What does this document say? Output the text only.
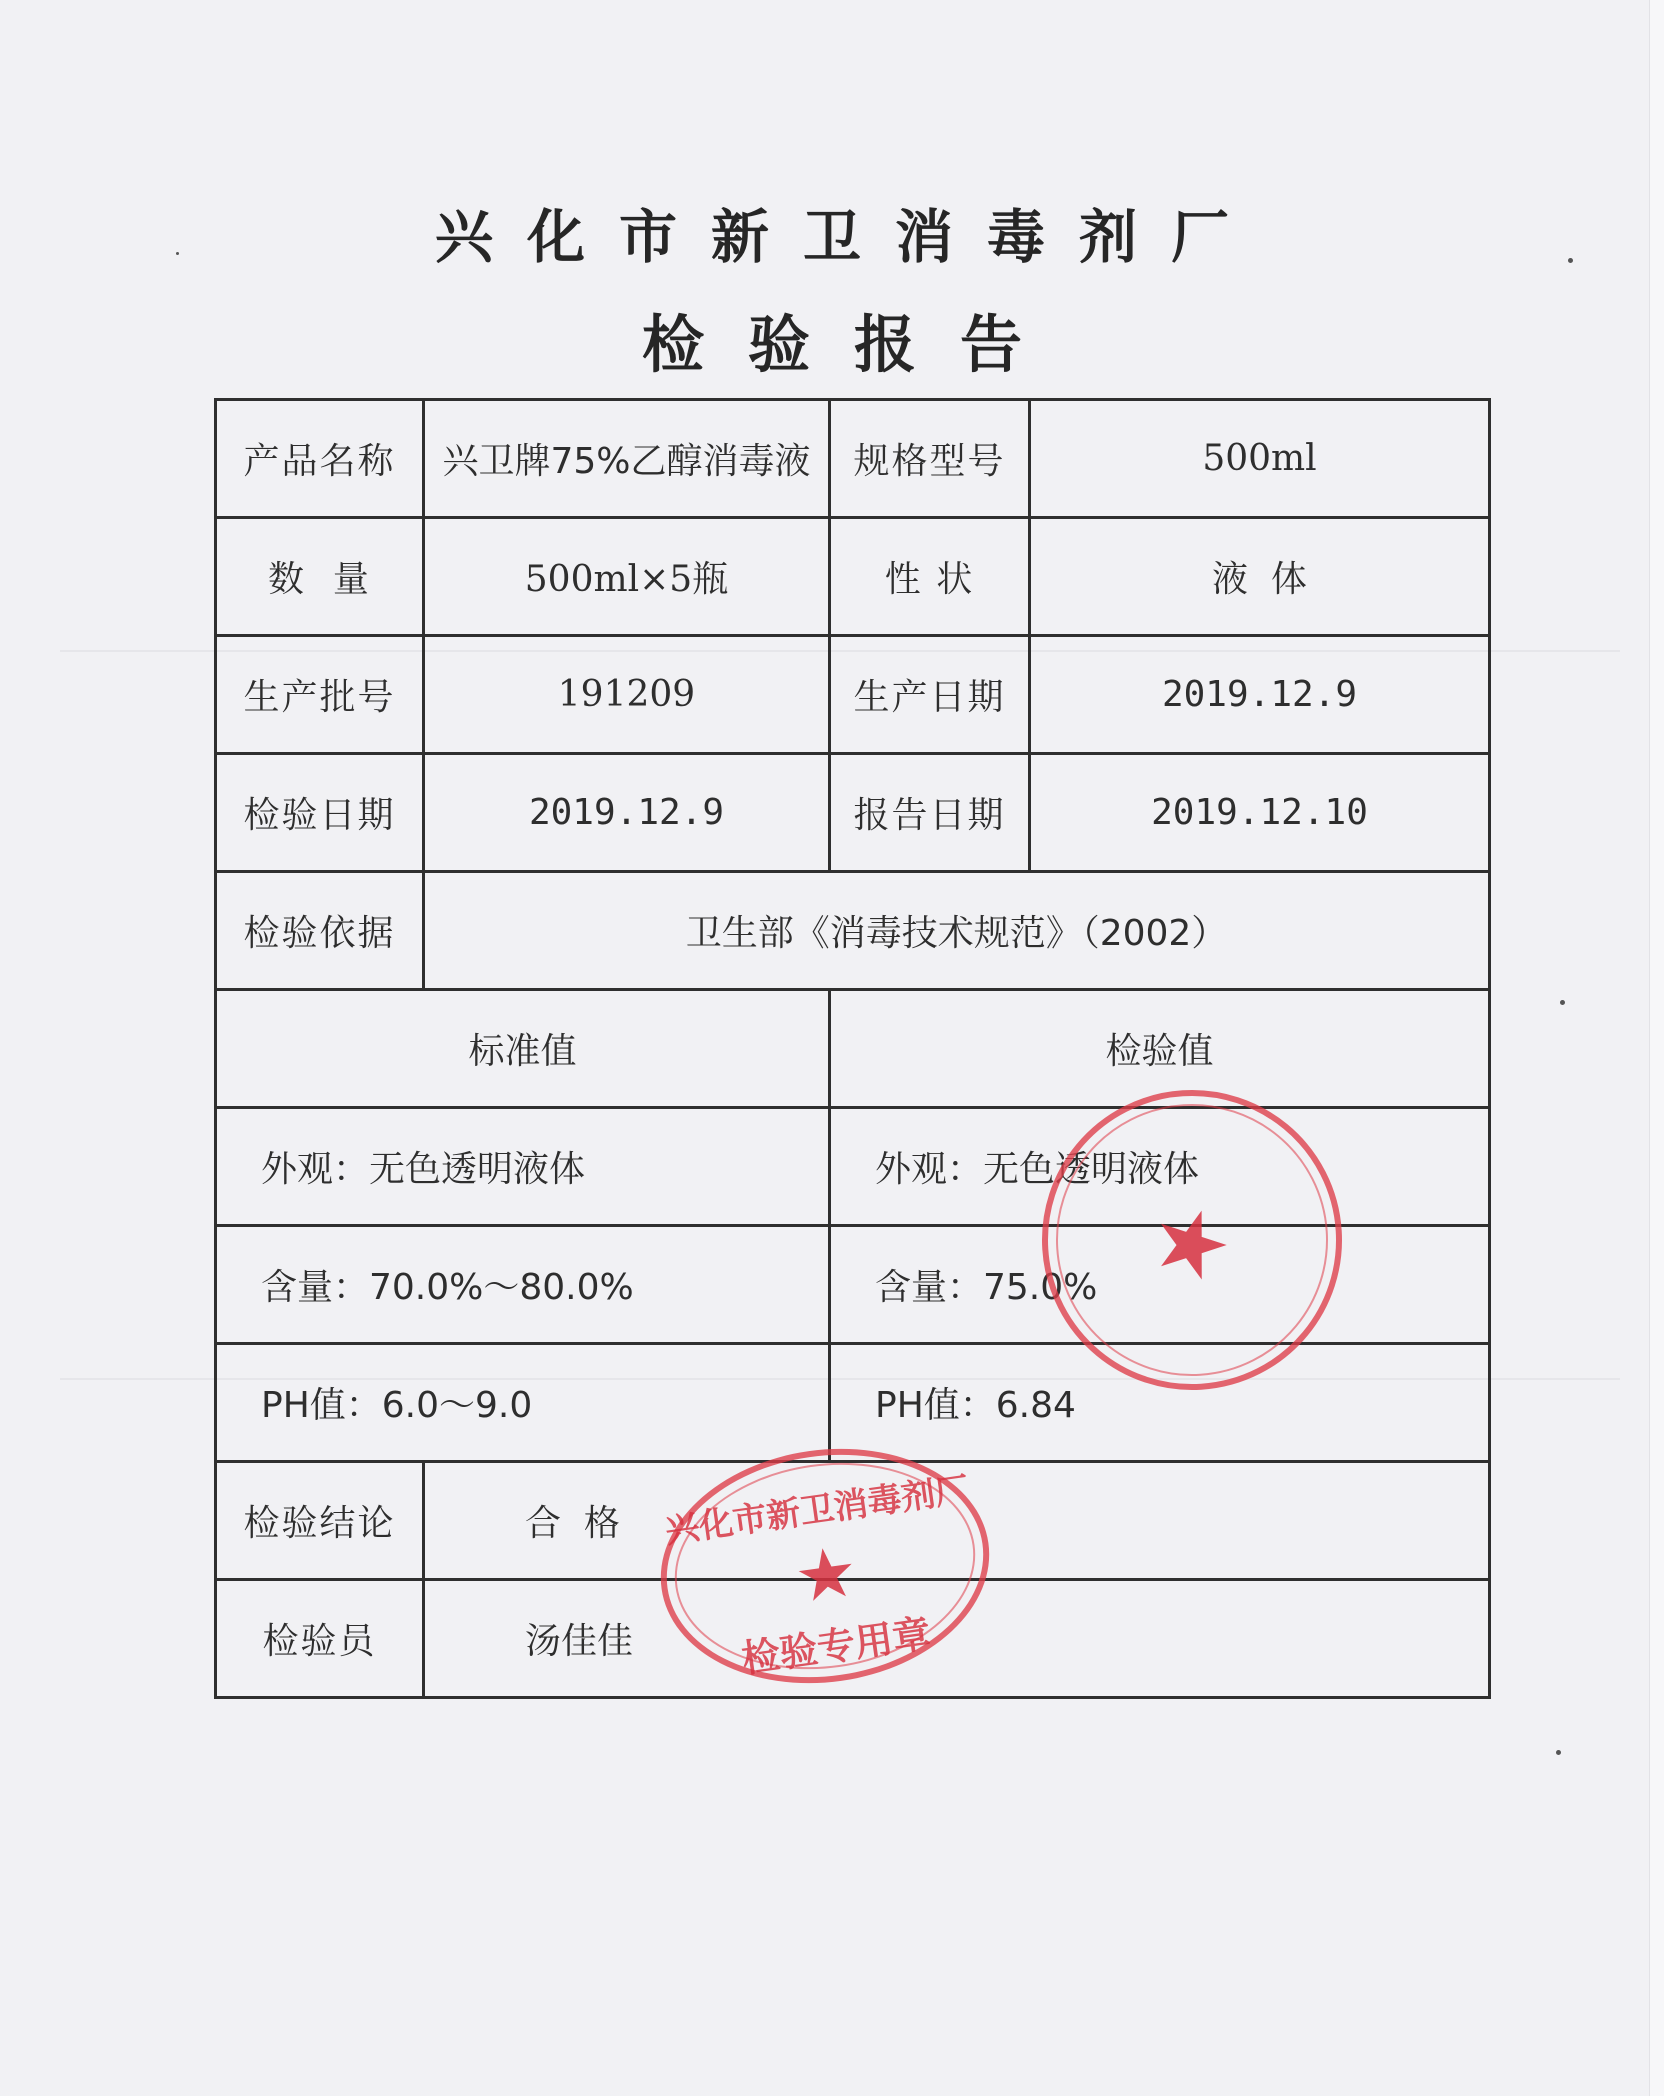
兴化市新卫消毒剂厂
检验报告
产品名称	兴卫牌75%乙醇消毒液	规格型号	500ml
数  量	500ml×5瓶	性 状	液  体
生产批号	191209	生产日期	2019.12.9
检验日期	2019.12.9	报告日期	2019.12.10
检验依据	卫生部《消毒技术规范》（2002）		
标准值		检验值	
外观：无色透明液体		外观：无色透明液体	
含量：70.0%～80.0%		含量：75.0%	
PH值：6.0～9.0		PH值：6.84	
检验结论	合  格		
检验员	汤佳佳		
兴化市新卫消毒剂厂
★
检验专用章
★
